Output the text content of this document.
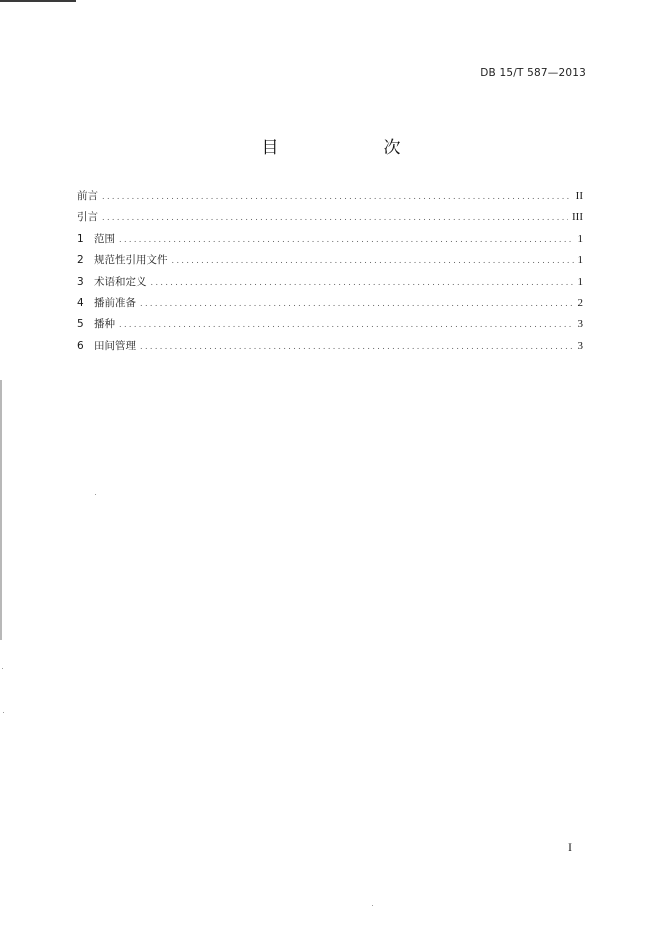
DB 15/T 587—2013
目　次
前言 .....	II
引言 .....	III
1 范围 .....	1
2 规范性引用文件 .....	1
3 术语和定义 .....	1
4 播前准备 .....	2
5 播种 .....	3
6 田间管理 .....	3
I
